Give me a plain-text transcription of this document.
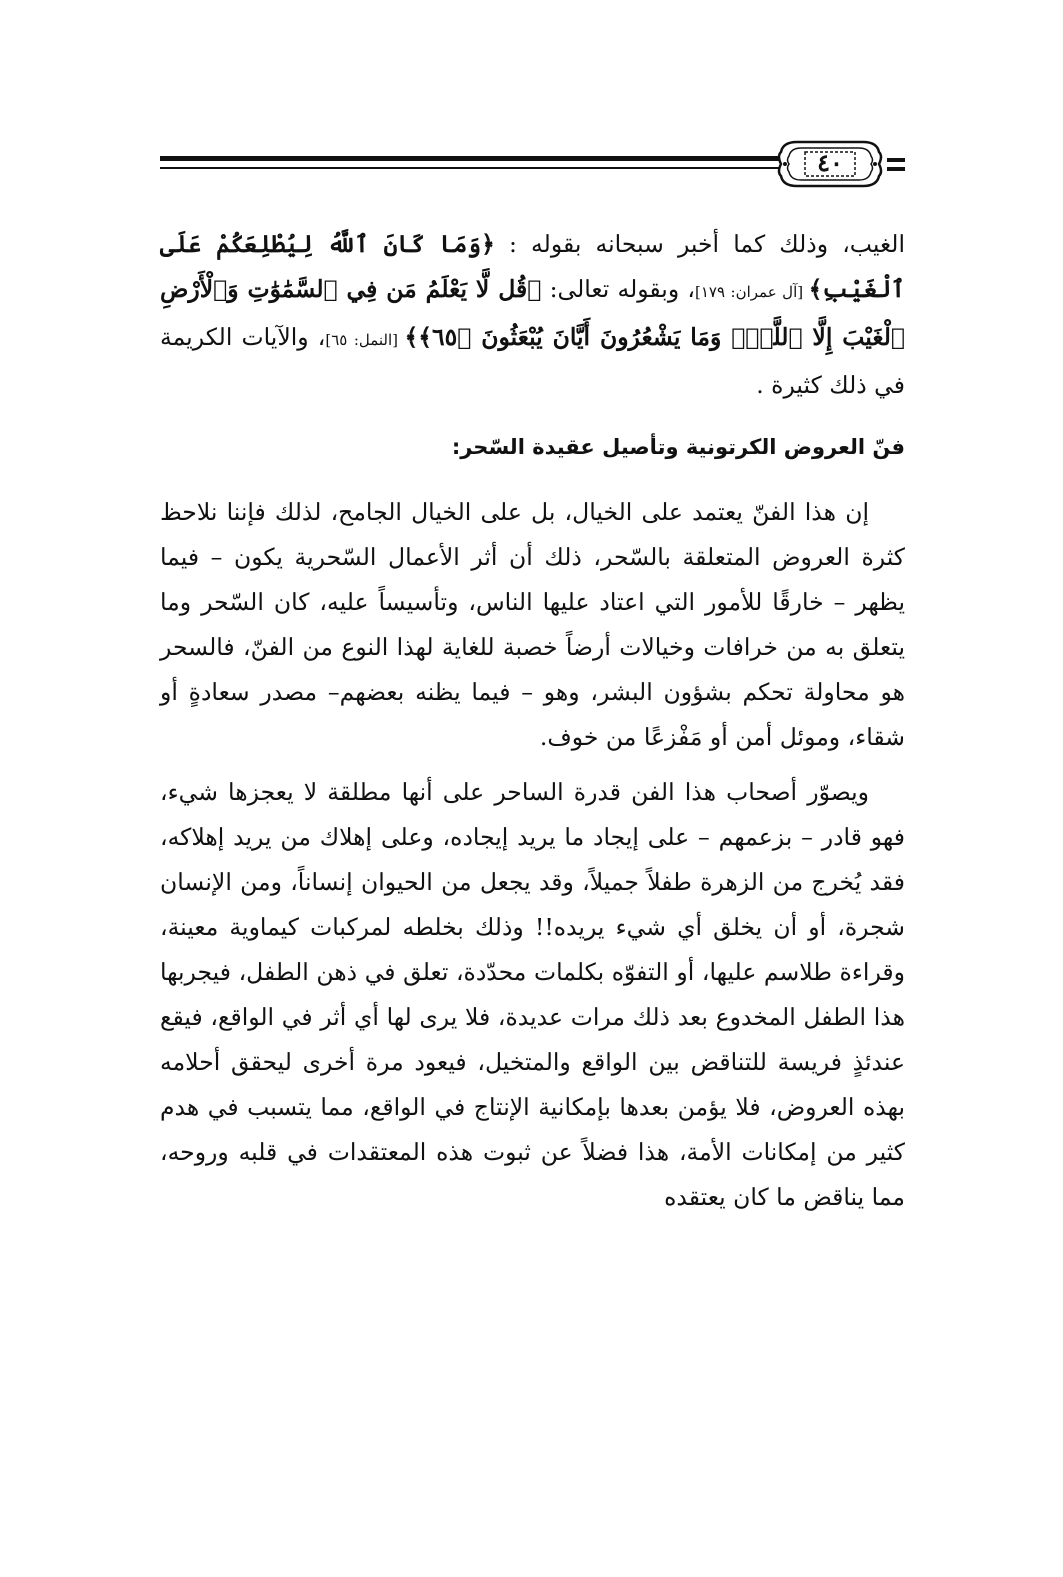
٤٠

الغيب، وذلك كما أخبر سبحانه بقوله : ﴿وَمَا كَانَ ٱللَّهُ لِيُطْلِعَكُمْ عَلَى ٱلْغَيْبِ﴾ [آل عمران: ١٧٩]، وبقوله تعالى: ﴿قُل لَّا يَعْلَمُ مَن فِي ٱلسَّمَٰوَٰتِ وَٱلْأَرْضِ ٱلْغَيْبَ إِلَّا ٱللَّهُۚ وَمَا يَشْعُرُونَ أَيَّانَ يُبْعَثُونَ ﴿٦٥﴾﴾ [النمل: ٦٥]، والآيات الكريمة في ذلك كثيرة .

فنّ العروض الكرتونية وتأصيل عقيدة السّحر:

إن هذا الفنّ يعتمد على الخيال، بل على الخيال الجامح، لذلك فإننا نلاحظ كثرة العروض المتعلقة بالسّحر، ذلك أن أثر الأعمال السّحرية يكون – فيما يظهر – خارقًا للأمور التي اعتاد عليها الناس، وتأسيساً عليه، كان السّحر وما يتعلق به من خرافات وخيالات أرضاً خصبة للغاية لهذا النوع من الفنّ، فالسحر هو محاولة تحكم بشؤون البشر، وهو – فيما يظنه بعضهم– مصدر سعادةٍ أو شقاء، وموئل أمن أو مَفْزعًا من خوف.

ويصوّر أصحاب هذا الفن قدرة الساحر على أنها مطلقة لا يعجزها شيء، فهو قادر – بزعمهم – على إيجاد ما يريد إيجاده، وعلى إهلاك من يريد إهلاكه، فقد يُخرج من الزهرة طفلاً جميلاً، وقد يجعل من الحيوان إنساناً، ومن الإنسان شجرة، أو أن يخلق أي شيء يريده!! وذلك بخلطه لمركبات كيماوية معينة، وقراءة طلاسم عليها، أو التفوّه بكلمات محدّدة، تعلق في ذهن الطفل، فيجربها هذا الطفل المخدوع بعد ذلك مرات عديدة، فلا يرى لها أي أثر في الواقع، فيقع عندئذٍ فريسة للتناقض بين الواقع والمتخيل، فيعود مرة أخرى ليحقق أحلامه بهذه العروض، فلا يؤمن بعدها بإمكانية الإنتاج في الواقع، مما يتسبب في هدم كثير من إمكانات الأمة، هذا فضلاً عن ثبوت هذه المعتقدات في قلبه وروحه، مما يناقض ما كان يعتقده
